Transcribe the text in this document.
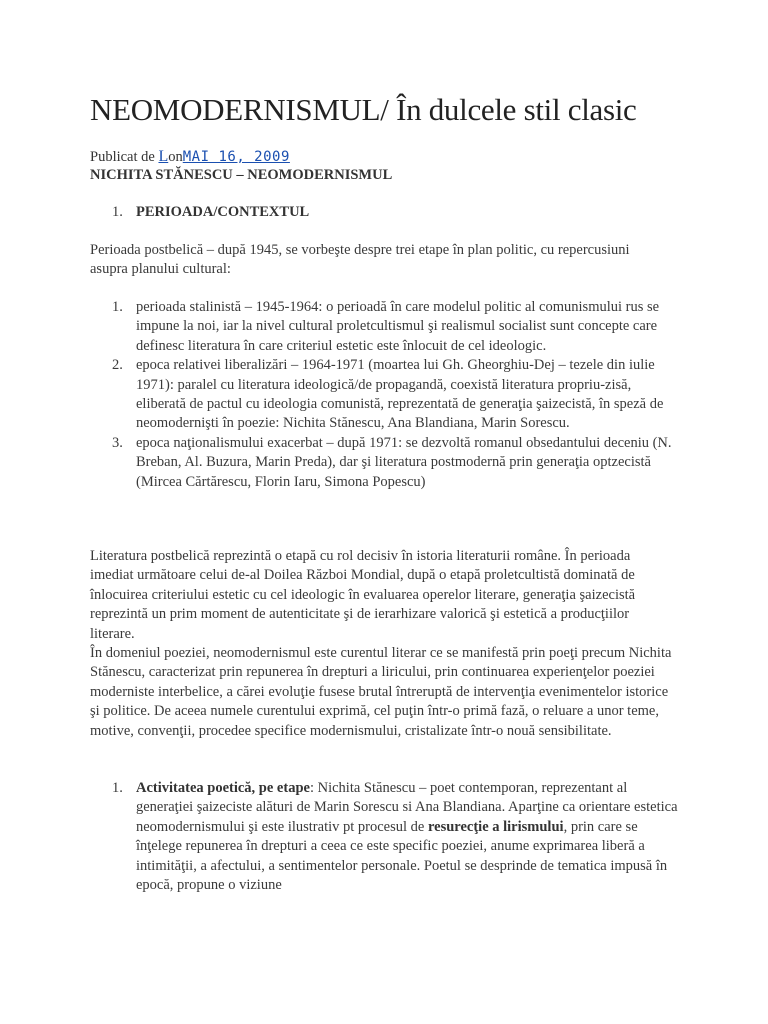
NEOMODERNISMUL/ În dulcele stil clasic
Publicat de LonMAI 16, 2009
NICHITA STĂNESCU – NEOMODERNISMUL
1. PERIOADA/CONTEXTUL

Perioada postbelică – după 1945, se vorbeşte despre trei etape în plan politic, cu repercusiuni asupra planului cultural:

1. perioada stalinistă – 1945-1964: o perioadă în care modelul politic al comunismului rus se impune la noi, iar la nivel cultural proletcultismul şi realismul socialist sunt concepte care definesc literatura în care criteriul estetic este înlocuit de cel ideologic.
2. epoca relativei liberalizări – 1964-1971 (moartea lui Gh. Gheorghiu-Dej – tezele din iulie 1971): paralel cu literatura ideologică/de propagandă, coexistă literatura propriu-zisă, eliberată de pactul cu ideologia comunistă, reprezentată de generaţia şaizecistă, în speză de neomodernişti în poezie: Nichita Stănescu, Ana Blandiana, Marin Sorescu.
3. epoca naţionalismului exacerbat – după 1971: se dezvoltă romanul obsedantului deceniu (N. Breban, Al. Buzura, Marin Preda), dar şi literatura postmodernă prin generaţia optzecistă (Mircea Cărtărescu, Florin Iaru, Simona Popescu)

Literatura postbelică reprezintă o etapă cu rol decisiv în istoria literaturii române. În perioada imediat următoare celui de-al Doilea Război Mondial, după o etapă proletcultistă dominată de înlocuirea criteriului estetic cu cel ideologic în evaluarea operelor literare, generaţia şaizecistă reprezintă un prim moment de autenticitate şi de ierarhizare valorică şi estetică a producţiilor literare.

În domeniul poeziei, neomodernismul este curentul literar ce se manifestă prin poeţi precum Nichita Stănescu, caracterizat prin repunerea în drepturi a liricului, prin continuarea experienţelor poeziei moderniste interbelice, a cărei evoluţie fusese brutal întreruptă de intervenţia evenimentelor istorice şi politice. De aceea numele curentului exprimă, cel puţin într-o primă fază, o reluare a unor teme, motive, convenţii, procedee specifice modernismului, cristalizate într-o nouă sensibilitate.

1. Activitatea poetică, pe etape: Nichita Stănescu – poet contemporan, reprezentant al generaţiei şaizeciste alături de Marin Sorescu si Ana Blandiana. Aparţine ca orientare estetica neomodernismului şi este ilustrativ pt procesul de resurecţie a lirismului, prin care se înţelege repunerea în drepturi a ceea ce este specific poeziei, anume exprimarea liberă a intimităţii, a afectului, a sentimentelor personale. Poetul se desprinde de tematica impusă în epocă, propune o viziune
